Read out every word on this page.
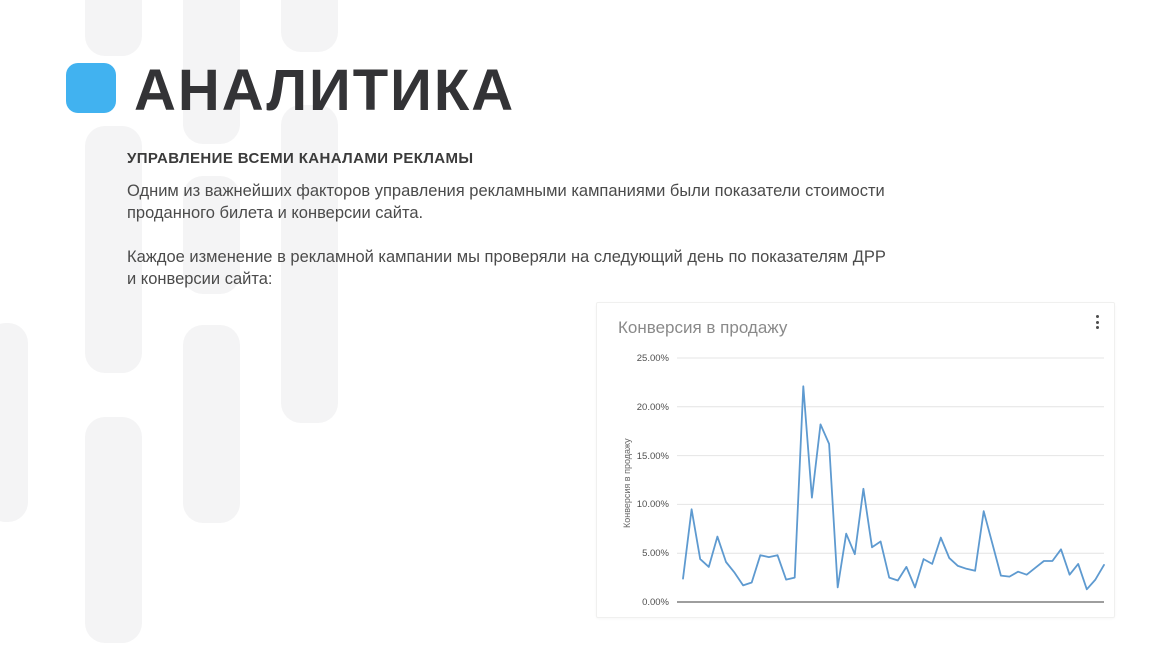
АНАЛИТИКА
УПРАВЛЕНИЕ ВСЕМИ КАНАЛАМИ РЕКЛАМЫ
Одним из важнейших факторов управления рекламными кампаниями были показатели стоимости
проданного билета и конверсии сайта.
Каждое изменение в рекламной кампании мы проверяли на следующий день по показателям ДРР
и конверсии сайта:
Конверсия в продажу
Конверсия в продажу
25.00%
20.00%
15.00%
10.00%
5.00%
0.00%
